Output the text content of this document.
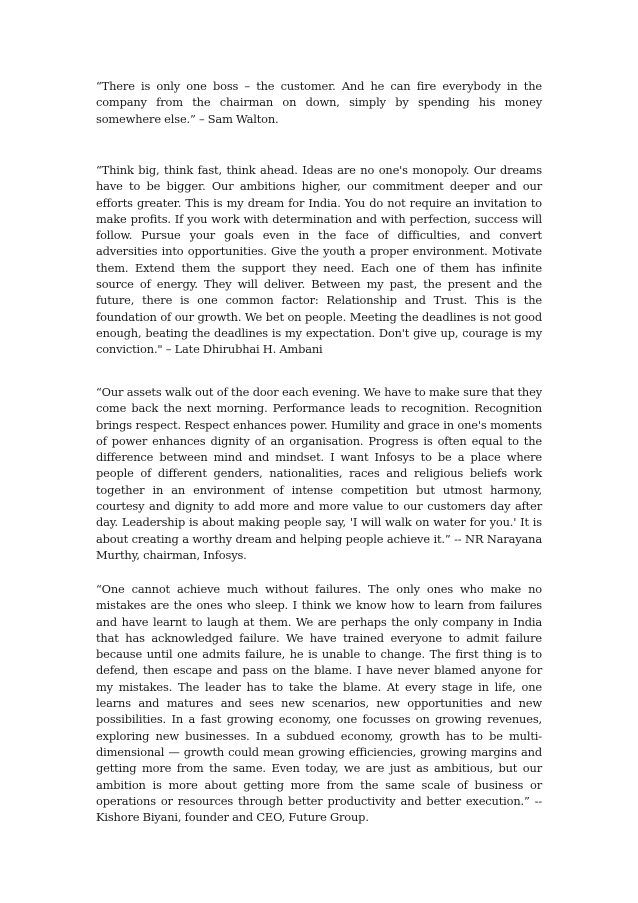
“There is only one boss – the customer. And he can fire everybody in the company from the chairman on down, simply by spending his money somewhere else.” – Sam Walton.

“Think big, think fast, think ahead. Ideas are no one's monopoly. Our dreams have to be bigger. Our ambitions higher, our commitment deeper and our efforts greater. This is my dream for India. You do not require an invitation to make profits. If you work with determination and with perfection, success will follow. Pursue your goals even in the face of difficulties, and convert adversities into opportunities. Give the youth a proper environment. Motivate them. Extend them the support they need. Each one of them has infinite source of energy. They will deliver. Between my past, the present and the future, there is one common factor: Relationship and Trust. This is the foundation of our growth. We bet on people. Meeting the deadlines is not good enough, beating the deadlines is my expectation. Don't give up, courage is my conviction." – Late Dhirubhai H. Ambani

“Our assets walk out of the door each evening. We have to make sure that they come back the next morning. Performance leads to recognition. Recognition brings respect. Respect enhances power. Humility and grace in one's moments of power enhances dignity of an organisation. Progress is often equal to the difference between mind and mindset. I want Infosys to be a place where people of different genders, nationalities, races and religious beliefs work together in an environment of intense competition but utmost harmony, courtesy and dignity to add more and more value to our customers day after day. Leadership is about making people say, 'I will walk on water for you.' It is about creating a worthy dream and helping people achieve it.” -- NR Narayana Murthy, chairman, Infosys.

“One cannot achieve much without failures. The only ones who make no mistakes are the ones who sleep. I think we know how to learn from failures and have learnt to laugh at them. We are perhaps the only company in India that has acknowledged failure. We have trained everyone to admit failure because until one admits failure, he is unable to change. The first thing is to defend, then escape and pass on the blame. I have never blamed anyone for my mistakes. The leader has to take the blame. At every stage in life, one learns and matures and sees new scenarios, new opportunities and new possibilities. In a fast growing economy, one focusses on growing revenues, exploring new businesses. In a subdued economy, growth has to be multi-dimensional — growth could mean growing efficiencies, growing margins and getting more from the same. Even today, we are just as ambitious, but our ambition is more about getting more from the same scale of business or operations or resources through better productivity and better execution.” -- Kishore Biyani, founder and CEO, Future Group.
